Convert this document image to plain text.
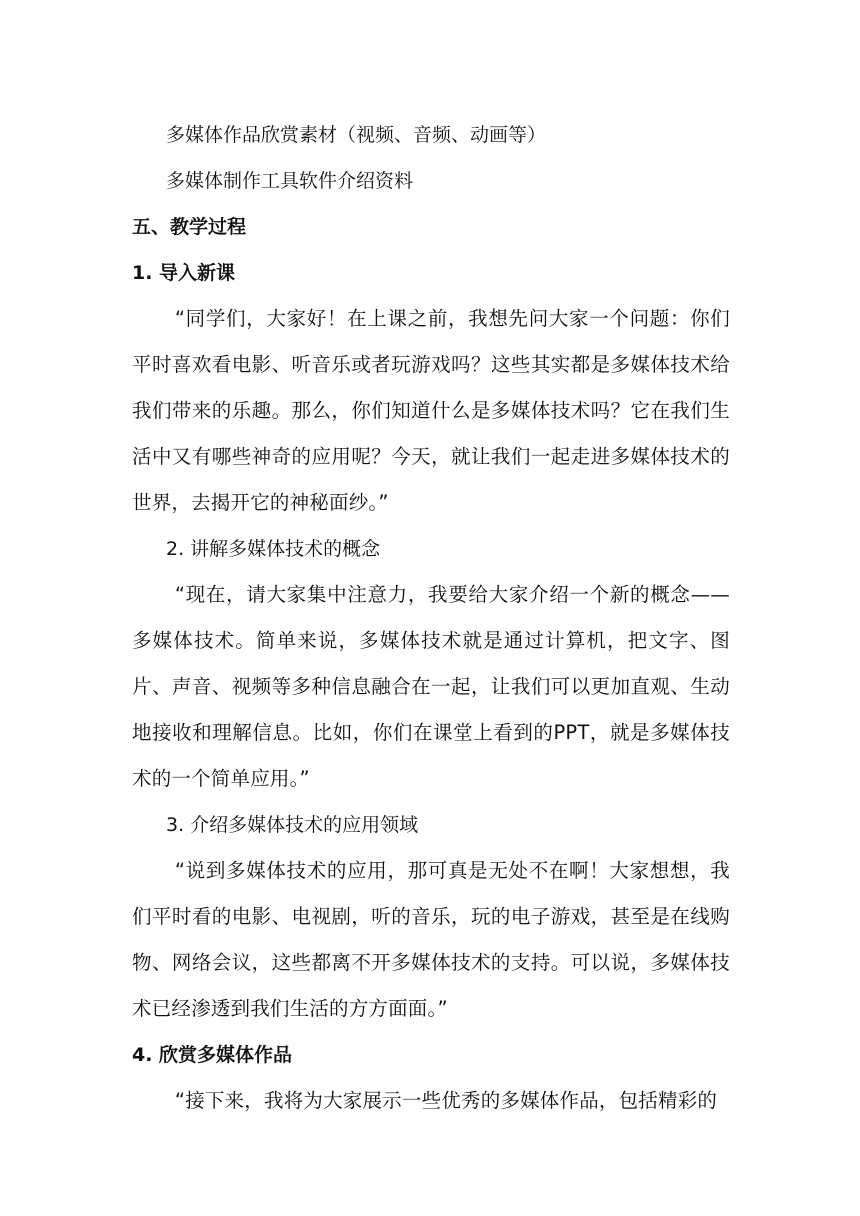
多媒体作品欣赏素材（视频、音频、动画等）

多媒体制作工具软件介绍资料

五、教学过程

1. 导入新课

“同学们，大家好！在上课之前，我想先问大家一个问题：你们平时喜欢看电影、听音乐或者玩游戏吗？这些其实都是多媒体技术给我们带来的乐趣。那么，你们知道什么是多媒体技术吗？它在我们生活中又有哪些神奇的应用呢？今天，就让我们一起走进多媒体技术的世界，去揭开它的神秘面纱。”

2. 讲解多媒体技术的概念

“现在，请大家集中注意力，我要给大家介绍一个新的概念——多媒体技术。简单来说，多媒体技术就是通过计算机，把文字、图片、声音、视频等多种信息融合在一起，让我们可以更加直观、生动地接收和理解信息。比如，你们在课堂上看到的PPT，就是多媒体技术的一个简单应用。”

3. 介绍多媒体技术的应用领域

“说到多媒体技术的应用，那可真是无处不在啊！大家想想，我们平时看的电影、电视剧，听的音乐，玩的电子游戏，甚至是在线购物、网络会议，这些都离不开多媒体技术的支持。可以说，多媒体技术已经渗透到我们生活的方方面面。”

4. 欣赏多媒体作品

“接下来，我将为大家展示一些优秀的多媒体作品，包括精彩的
